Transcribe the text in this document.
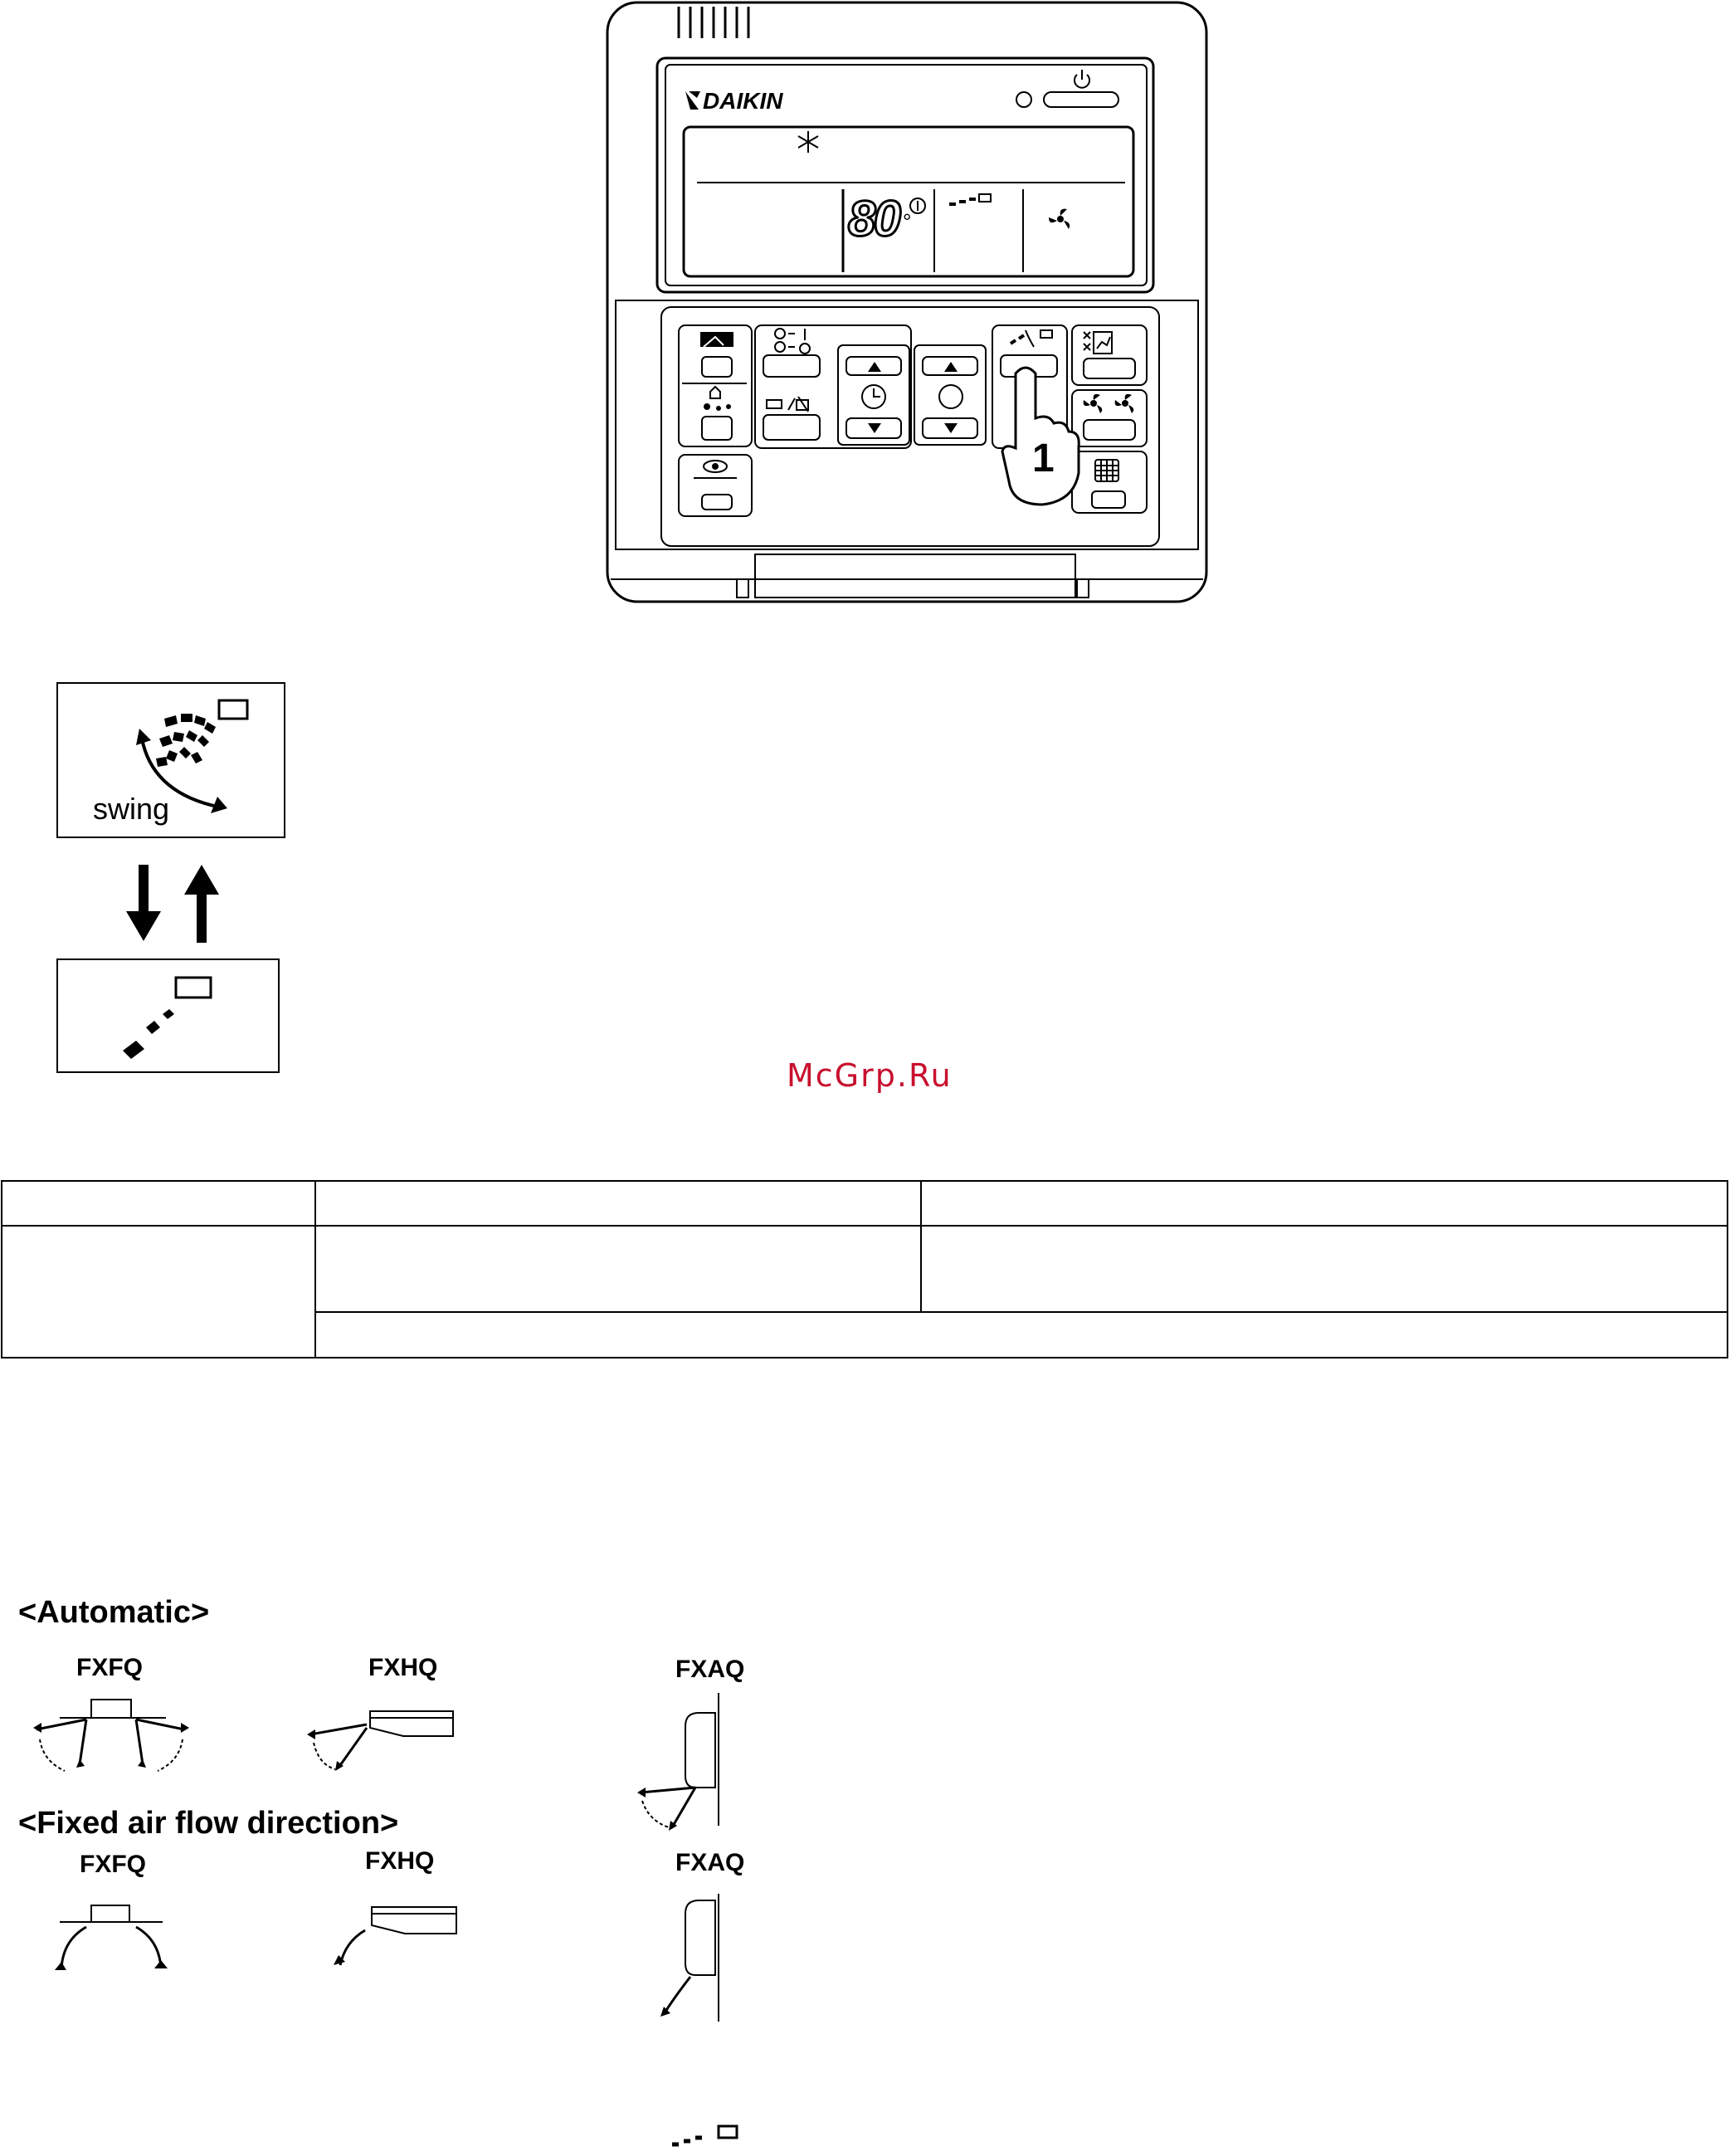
DAIKIN
80 °
1
swing
McGrp.Ru

<Automatic>
FXFQ	FXHQ	FXAQ
<Fixed air flow direction>
FXFQ	FXHQ	FXAQ
